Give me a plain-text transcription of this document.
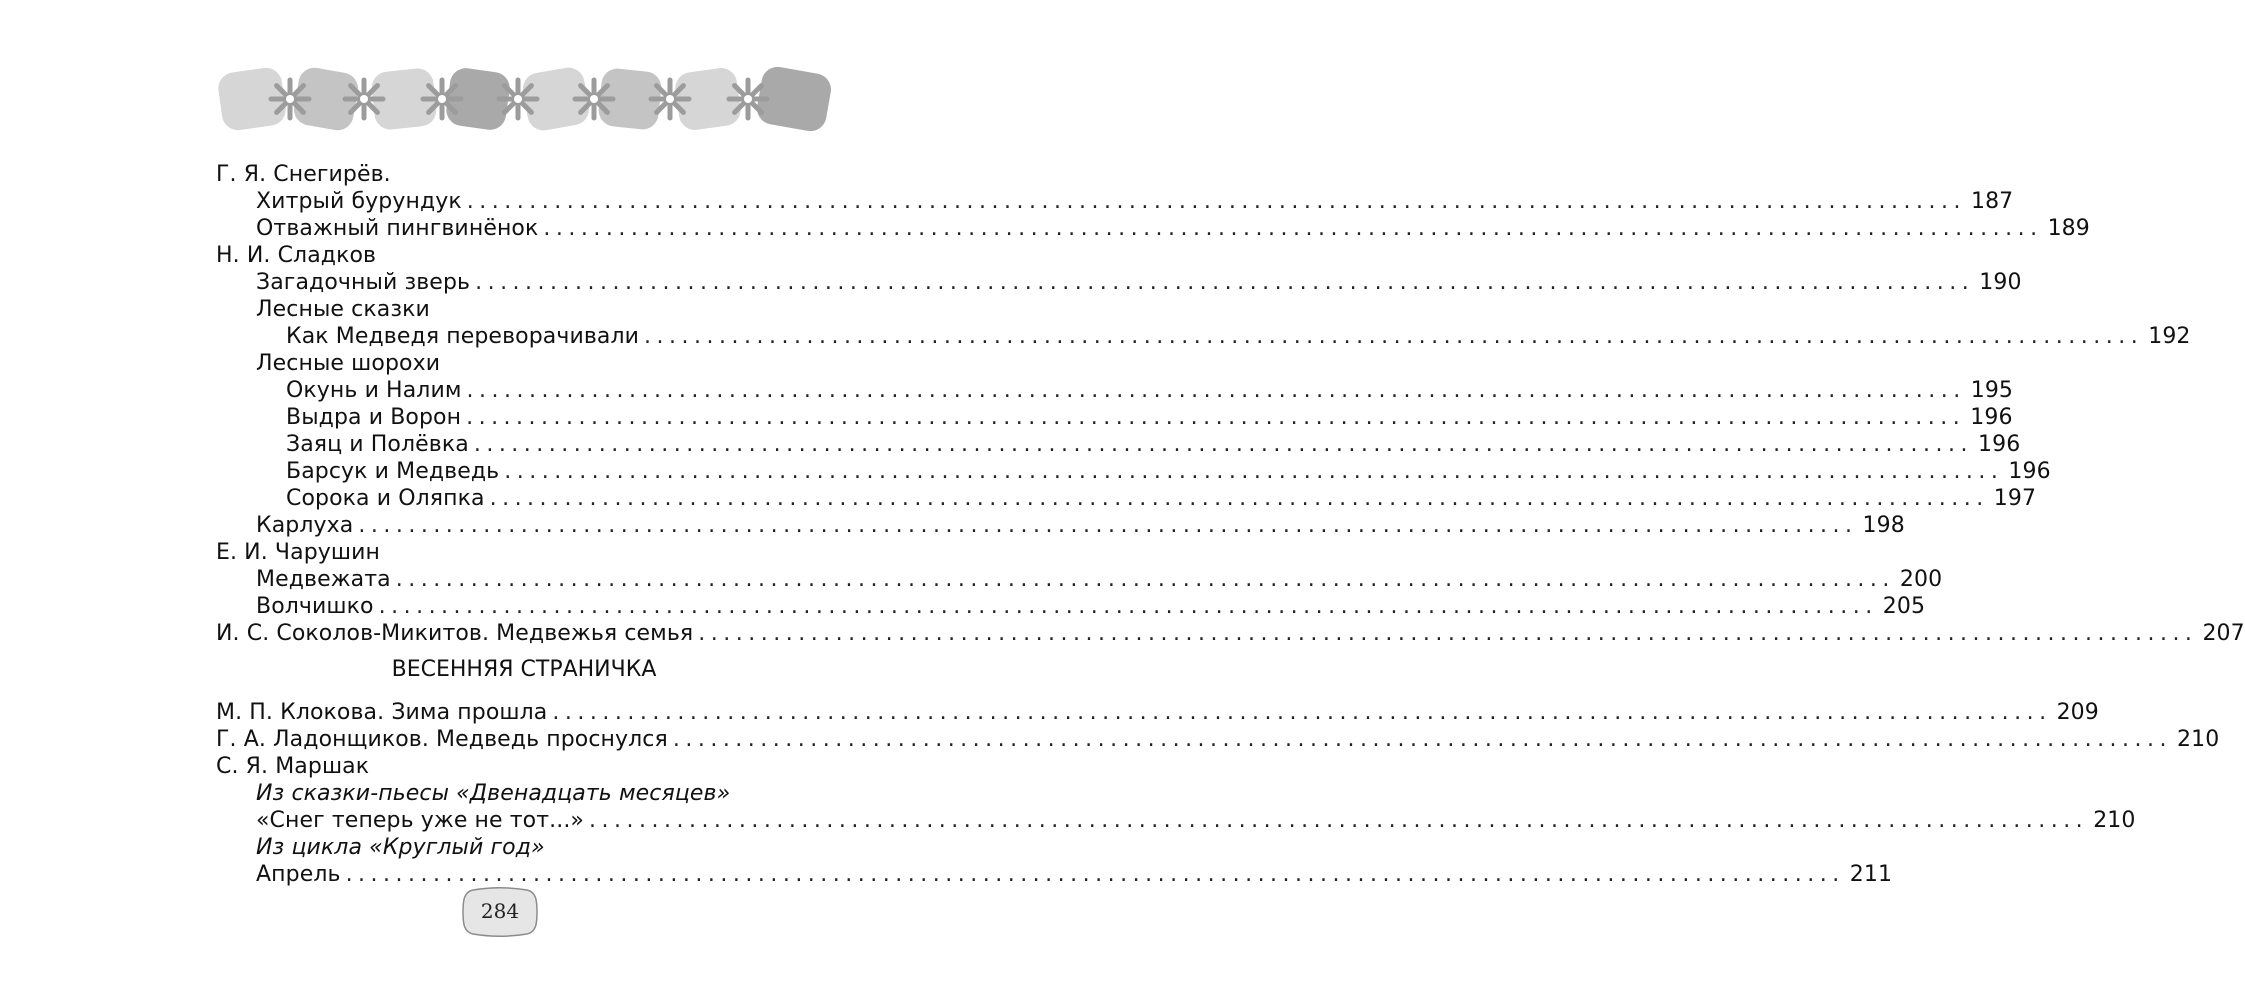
Г. Я. Снегирёв.
Хитрый бурундук ........................................................................................................................ 187
Отважный пингвинёнок ........................................................................................................................ 189
Н. И. Сладков
Загадочный зверь ........................................................................................................................ 190
Лесные сказки
Как Медведя переворачивали ........................................................................................................................ 192
Лесные шорохи
Окунь и Налим ........................................................................................................................ 195
Выдра и Ворон ........................................................................................................................ 196
Заяц и Полёвка ........................................................................................................................ 196
Барсук и Медведь ........................................................................................................................ 196
Сорока и Оляпка ........................................................................................................................ 197
Карлуха ........................................................................................................................ 198
Е. И. Чарушин
Медвежата ........................................................................................................................ 200
Волчишко ........................................................................................................................ 205
И. С. Соколов-Микитов. Медвежья семья ........................................................................................................................ 207
ВЕСЕННЯЯ СТРАНИЧКА
М. П. Клокова. Зима прошла ........................................................................................................................ 209
Г. А. Ладонщиков. Медведь проснулся ........................................................................................................................ 210
С. Я. Маршак
Из сказки-пьесы «Двенадцать месяцев»
«Снег теперь уже не тот...» ........................................................................................................................ 210
Из цикла «Круглый год»
Апрель ........................................................................................................................ 211
284
